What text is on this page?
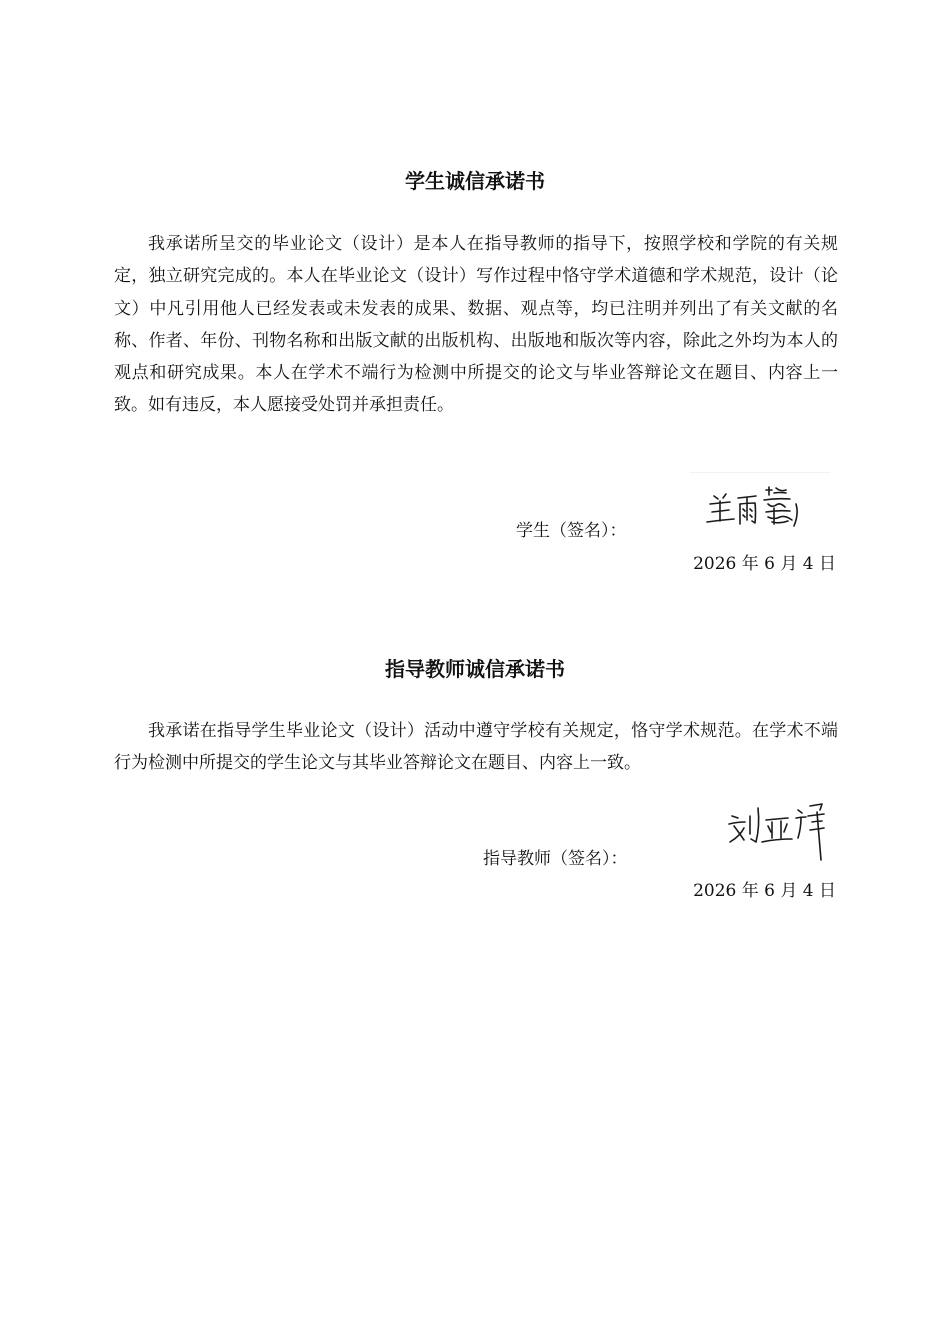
学生诚信承诺书

我承诺所呈交的毕业论文（设计）是本人在指导教师的指导下，按照学校和学院的有关规定，独立研究完成的。本人在毕业论文（设计）写作过程中恪守学术道德和学术规范，设计（论文）中凡引用他人已经发表或未发表的成果、数据、观点等，均已注明并列出了有关文献的名称、作者、年份、刊物名称和出版文献的出版机构、出版地和版次等内容，除此之外均为本人的观点和研究成果。本人在学术不端行为检测中所提交的论文与毕业答辩论文在题目、内容上一致。如有违反，本人愿接受处罚并承担责任。

学生（签名）：
2026 年 6 月 4 日
指导教师诚信承诺书

我承诺在指导学生毕业论文（设计）活动中遵守学校有关规定，恪守学术规范。在学术不端行为检测中所提交的学生论文与其毕业答辩论文在题目、内容上一致。

指导教师（签名）：
2026 年 6 月 4 日
